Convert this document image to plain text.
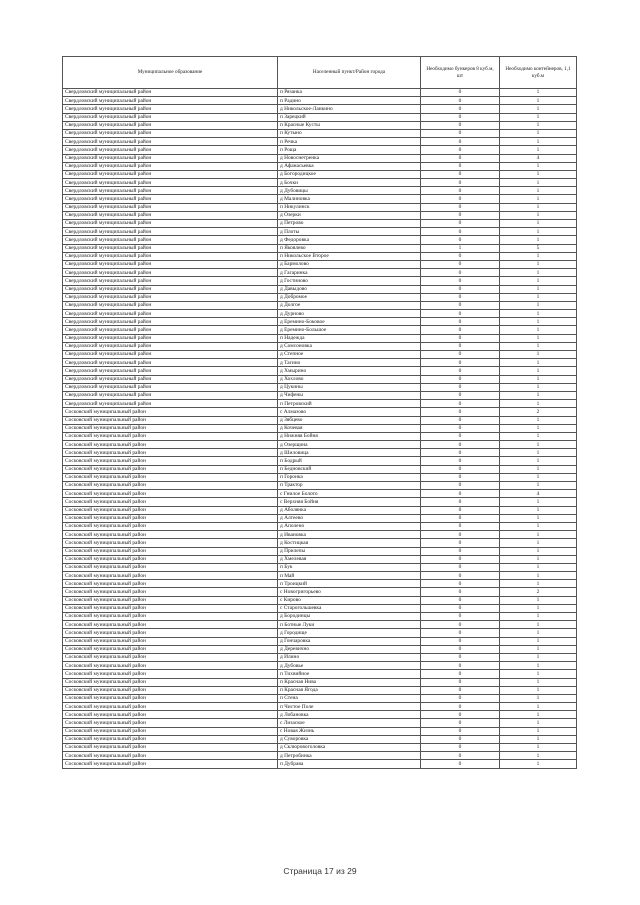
Муниципальное образование	Населенный пункт/Район города	Необходимо бункеров 8 куб.м, шт	Необходимо контейнеров, 1,1 куб.м
Свердловский муниципальный район	п Рязанка	0	1
Свердловский муниципальный район	п Радино	0	1
Свердловский муниципальный район	д Никольское-Ланкино	0	1
Свердловский муниципальный район	п Зарецкий	0	1
Свердловский муниципальный район	п Красные Кусты	0	1
Свердловский муниципальный район	п Кутыно	0	1
Свердловский муниципальный район	п Речка	0	1
Свердловский муниципальный район	п Роща	0	1
Свердловский муниципальный район	д Новоснетренка	0	4
Свердловский муниципальный район	д Афанасьевка	0	1
Свердловский муниципальный район	д Богородицкое	0	1
Свердловский муниципальный район	д Бочки	0	1
Свердловский муниципальный район	д Дубовицы	0	1
Свердловский муниципальный район	д Малиновка	0	1
Свердловский муниципальный район	п Никулинск	0	1
Свердловский муниципальный район	д Озерки	0	1
Свердловский муниципальный район	д Петрово	0	1
Свердловский муниципальный район	д Плоты	0	1
Свердловский муниципальный район	д Федоровка	0	1
Свердловский муниципальный район	п Яковлево	1	5
Свердловский муниципальный район	п Никольское Второе	0	1
Свердловский муниципальный район	д Бармолово	0	1
Свердловский муниципальный район	д Гагаринка	0	1
Свердловский муниципальный район	д Гостиново	0	1
Свердловский муниципальный район	д Давыдово	0	1
Свердловский муниципальный район	д Добромое	0	1
Свердловский муниципальный район	д Долгое	0	1
Свердловский муниципальный район	д Дурново	0	1
Свердловский муниципальный район	д Еремино-Боковое	0	1
Свердловский муниципальный район	д Еремино-Большое	0	1
Свердловский муниципальный район	п Надежда	0	1
Свердловский муниципальный район	д Сомсоновка	0	1
Свердловский муниципальный район	д Степное	0	1
Свердловский муниципальный район	д Тагино	0	1
Свердловский муниципальный район	д Хмырино	0	1
Свердловский муниципальный район	д Хохлово	0	1
Свердловский муниципальный район	д Цукины	0	1
Свердловский муниципальный район	д Чифены	0	1
Свердловский муниципальный район	п Петровский	0	1
Сосковский муниципальный район	с Алмазово	0	2
Сосковский муниципальный район	д Зябцево	0	1
Сосковский муниципальный район	д Кочевая	0	1
Сосковский муниципальный район	д Нижняя Бойня	0	1
Сосковский муниципальный район	д Озерщина	0	1
Сосковский муниципальный район	д Шиловица	0	1
Сосковский муниципальный район	п Бодрый	0	1
Сосковский муниципальный район	п Бедновский	0	1
Сосковский муниципальный район	п Горонка	0	1
Сосковский муниципальный район	п Трактор	0	1
Сосковский муниципальный район	с Гнилое Болото	0	4
Сосковский муниципальный район	с Верхняя Бойня	0	1
Сосковский муниципальный район	д Аболянка	0	1
Сосковский муниципальный район	д Алтеево	0	1
Сосковский муниципальный район	д Аполено	0	1
Сосковский муниципальный район	д Ивановка	0	1
Сосковский муниципальный район	д Костицкая	0	1
Сосковский муниципальный район	д Прилепы	0	1
Сосковский муниципальный район	д Хмелевая	0	1
Сосковский муниципальный район	п Бук	0	1
Сосковский муниципальный район	п Май	0	1
Сосковский муниципальный район	п Троицкий	0	1
Сосковский муниципальный район	с Новогригорьево	0	2
Сосковский муниципальный район	с Кирово	0	1
Сосковский муниципальный район	с Старогольшевка	0	1
Сосковский муниципальный район	д Бородинцы	0	1
Сосковский муниципальный район	п Ботные Луки	0	1
Сосковский муниципальный район	д Городище	0	1
Сосковский муниципальный район	д Гончаровка	0	1
Сосковский муниципальный район	д Деревично	0	1
Сосковский муниципальный район	д Илино	0	1
Сосковский муниципальный район	д Дубовье	0	1
Сосковский муниципальный район	п Тихвийное	0	1
Сосковский муниципальный район	п Красная Нива	0	1
Сосковский муниципальный район	п Красная Ягода	0	1
Сосковский муниципальный район	п Стена	0	1
Сосковский муниципальный район	п Чистое Поле	0	1
Сосковский муниципальный район	д Лобановка	0	1
Сосковский муниципальный район	с Лизаское	0	1
Сосковский муниципальный район	с Новая Жизнь	0	1
Сосковский муниципальный район	д Суворовка	0	1
Сосковский муниципальный район	д Склюровоголовка	0	1
Сосковский муниципальный район	д Петробинка	0	1
Сосковский муниципальный район	п Дубрава	0	1
Страница 17 из 29
